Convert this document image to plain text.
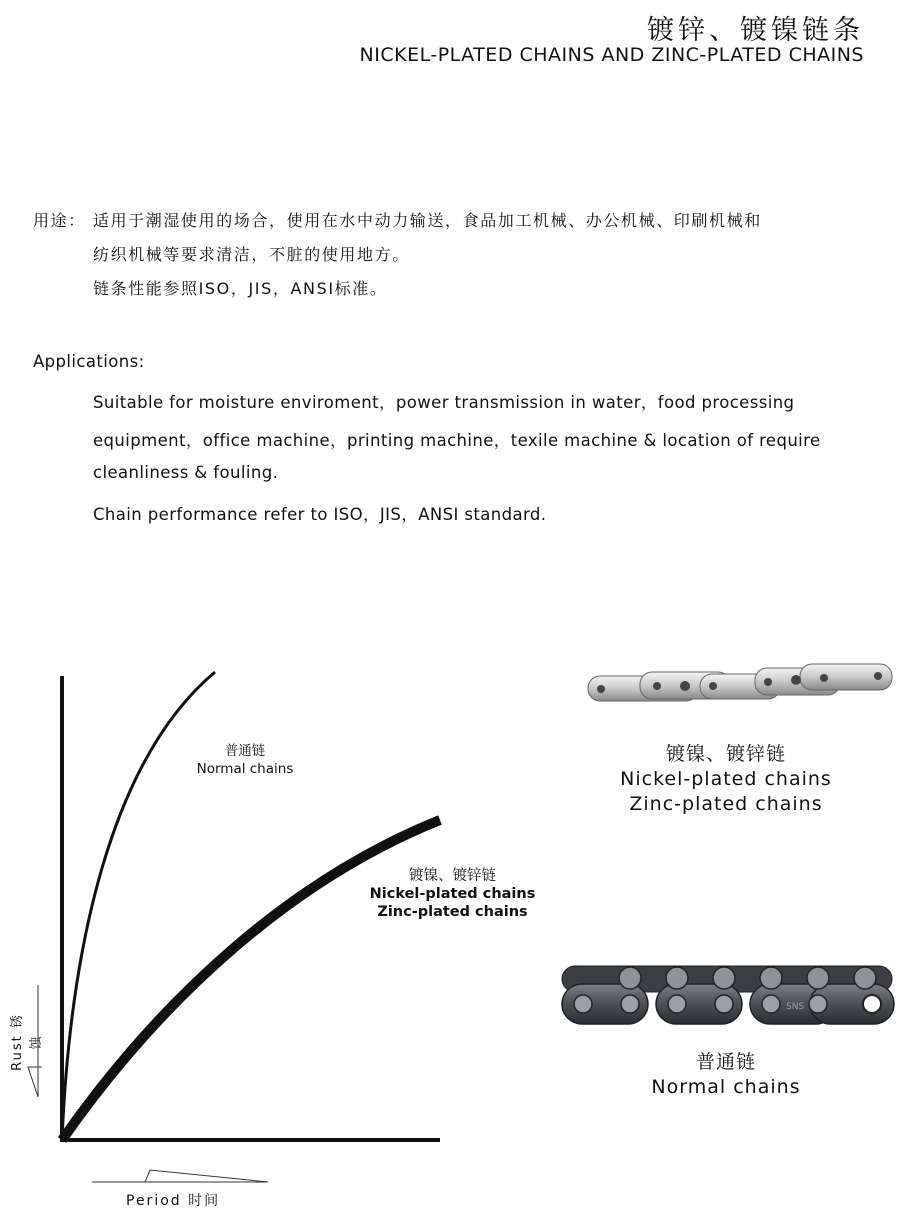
镀锌、镀镍链条
NICKEL-PLATED CHAINS AND ZINC-PLATED CHAINS
用途： 适用于潮湿使用的场合，使用在水中动力输送，食品加工机械、办公机械、印刷机械和
纺织机械等要求清洁，不脏的使用地方。
链条性能参照ISO，JIS，ANSI标准。
Applications:
Suitable for moisture enviroment，power transmission in water，food processing
equipment，office machine，printing machine，texile machine & location of require
cleanliness & fouling.
Chain performance refer to ISO，JIS，ANSI standard.
Rust 锈蚀
Period 时间
普通链
Normal chains
镀镍、镀锌链
Nickel-plated chains
Zinc-plated chains
镀镍、镀锌链
Nickel-plated chains
Zinc-plated chains
SNS
普通链
Normal chains
